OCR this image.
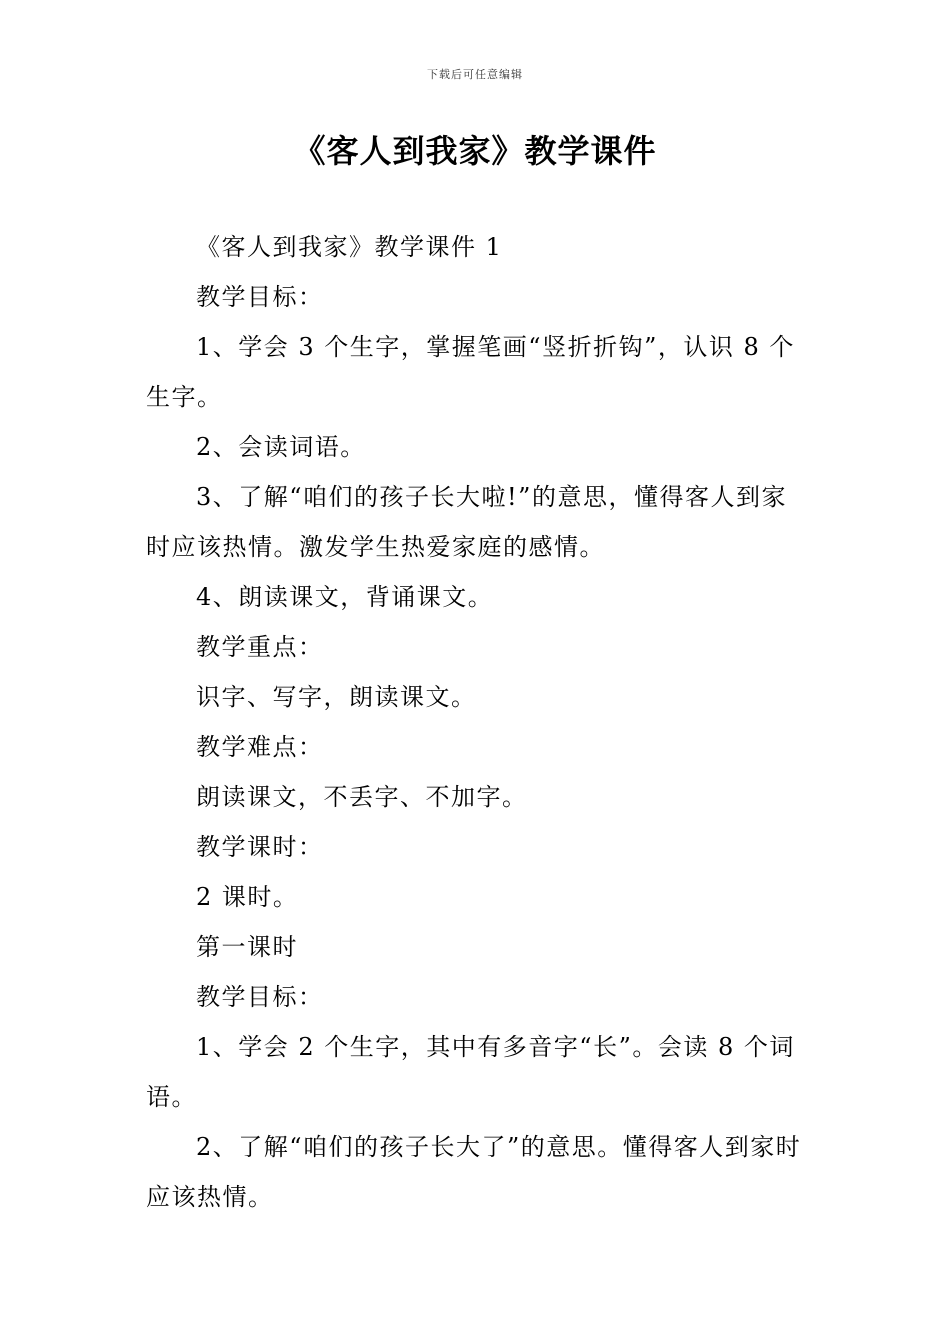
下载后可任意编辑
《客人到我家》教学课件

《客人到我家》教学课件 1

教学目标：

1、学会 3 个生字，掌握笔画“竖折折钩”，认识 8 个生字。

2、会读词语。

3、了解“咱们的孩子长大啦!”的意思，懂得客人到家时应该热情。激发学生热爱家庭的感情。

4、朗读课文，背诵课文。

教学重点：

识字、写字，朗读课文。

教学难点：

朗读课文，不丢字、不加字。

教学课时：

2 课时。

第一课时

教学目标：

1、学会 2 个生字，其中有多音字“长”。会读 8 个词语。

2、了解“咱们的孩子长大了”的意思。懂得客人到家时应该热情。
